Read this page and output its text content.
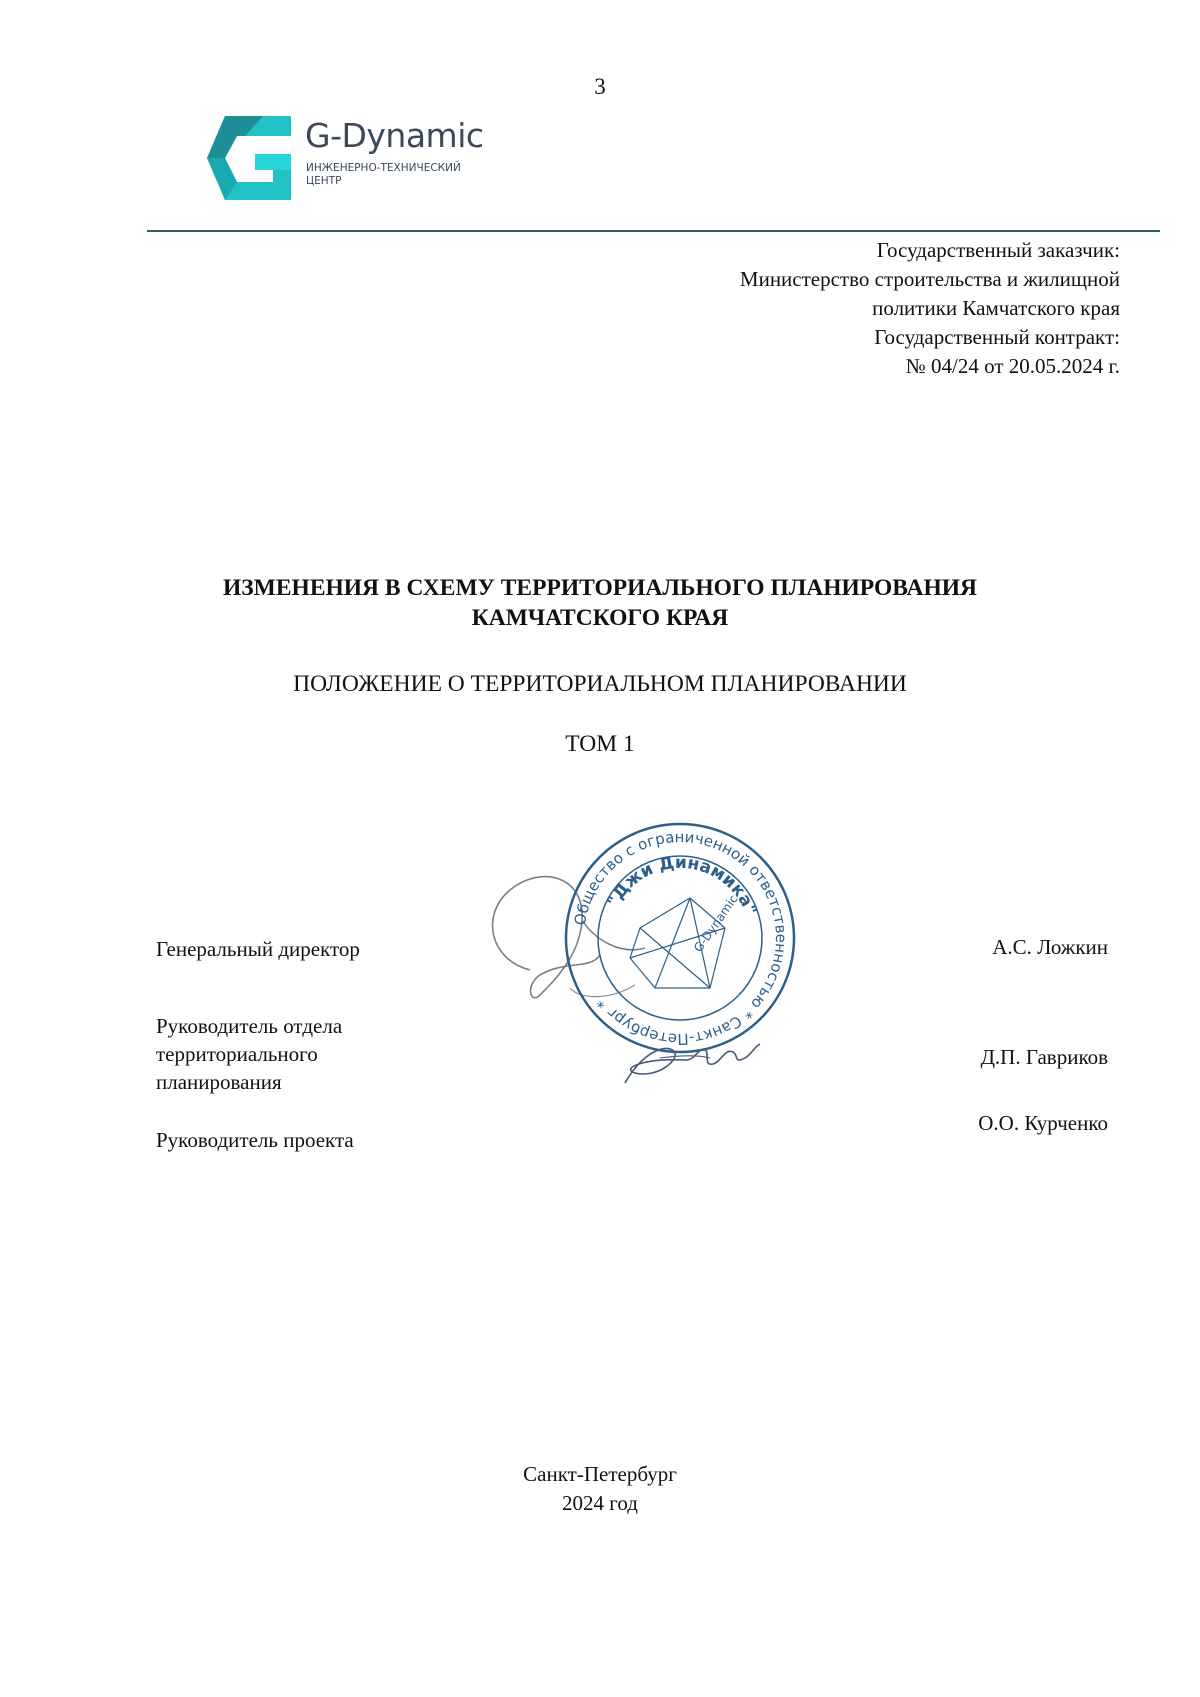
3
G-Dynamic
ИНЖЕНЕРНО-ТЕХНИЧЕСКИЙ
ЦЕНТР
Государственный заказчик:
Министерство строительства и жилищной
политики Камчатского края
Государственный контракт:
№ 04/24 от 20.05.2024 г.
ИЗМЕНЕНИЯ В СХЕМУ ТЕРРИТОРИАЛЬНОГО ПЛАНИРОВАНИЯ
КАМЧАТСКОГО КРАЯ
ПОЛОЖЕНИЕ О ТЕРРИТОРИАЛЬНОМ ПЛАНИРОВАНИИ
ТОМ 1
Общество с ограниченной ответственностью * Санкт-Петербург *
"Джи Динамика"
G-Dynamic
Генеральный директор	А.С. Ложкин
Руководитель отдела
территориального
планирования
Д.П. Гавриков
Руководитель проекта
О.О. Курченко
Санкт-Петербург
2024 год
